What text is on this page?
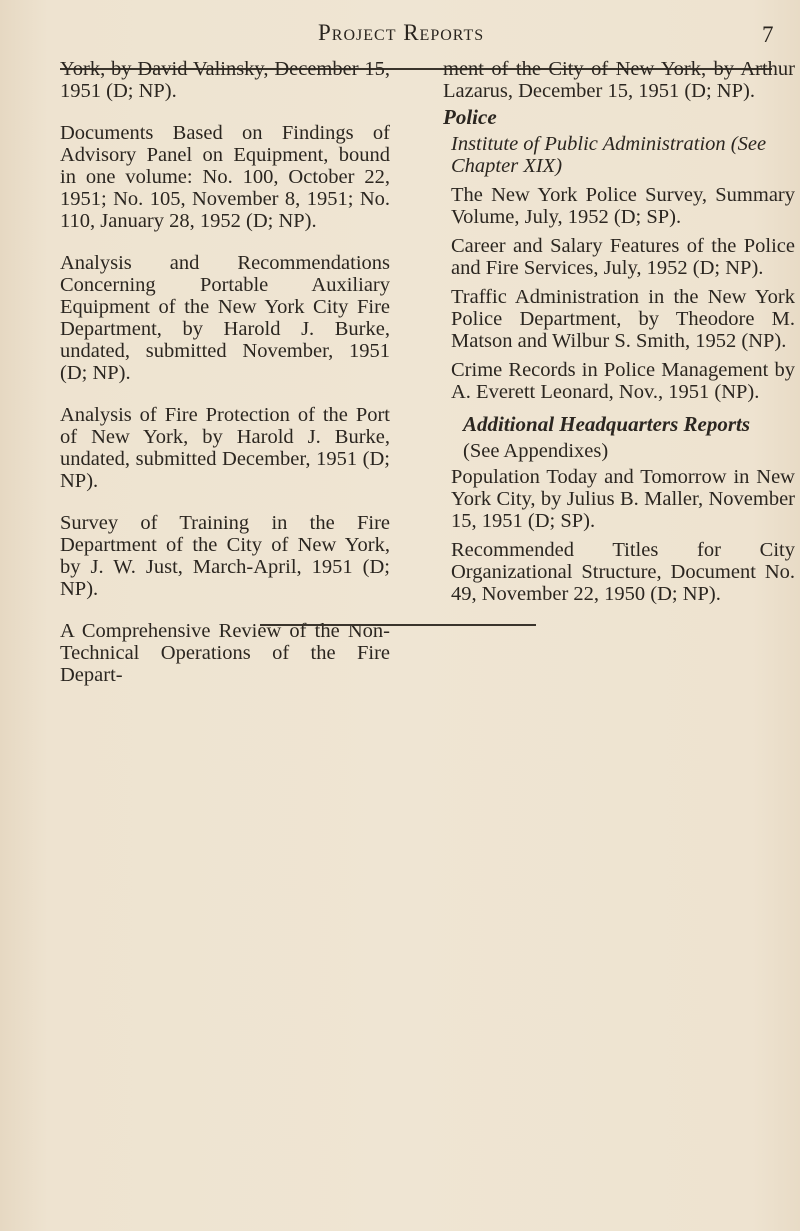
Project Reports	7

York, by David Valinsky, December 15, 1951 (D; NP).

Documents Based on Findings of Advisory Panel on Equipment, bound in one volume: No. 100, October 22, 1951; No. 105, November 8, 1951; No. 110, January 28, 1952 (D; NP).

Analysis and Recommendations Concerning Portable Auxiliary Equipment of the New York City Fire Department, by Harold J. Burke, undated, submitted November, 1951 (D; NP).

Analysis of Fire Protection of the Port of New York, by Harold J. Burke, undated, submitted December, 1951 (D; NP).

Survey of Training in the Fire Department of the City of New York, by J. W. Just, March-April, 1951 (D; NP).

A Comprehensive Review of the Non-Technical Operations of the Fire Depart-

ment of the City of New York, by Arthur Lazarus, December 15, 1951 (D; NP).

Police
Institute of Public Administration (See Chapter XIX)

The New York Police Survey, Summary Volume, July, 1952 (D; SP).

Career and Salary Features of the Police and Fire Services, July, 1952 (D; NP).

Traffic Administration in the New York Police Department, by Theodore M. Matson and Wilbur S. Smith, 1952 (NP).

Crime Records in Police Management by A. Everett Leonard, Nov., 1951 (NP).

Additional Headquarters Reports
(See Appendixes)

Population Today and Tomorrow in New York City, by Julius B. Maller, November 15, 1951 (D; SP).

Recommended Titles for City Organizational Structure, Document No. 49, November 22, 1950 (D; NP).
